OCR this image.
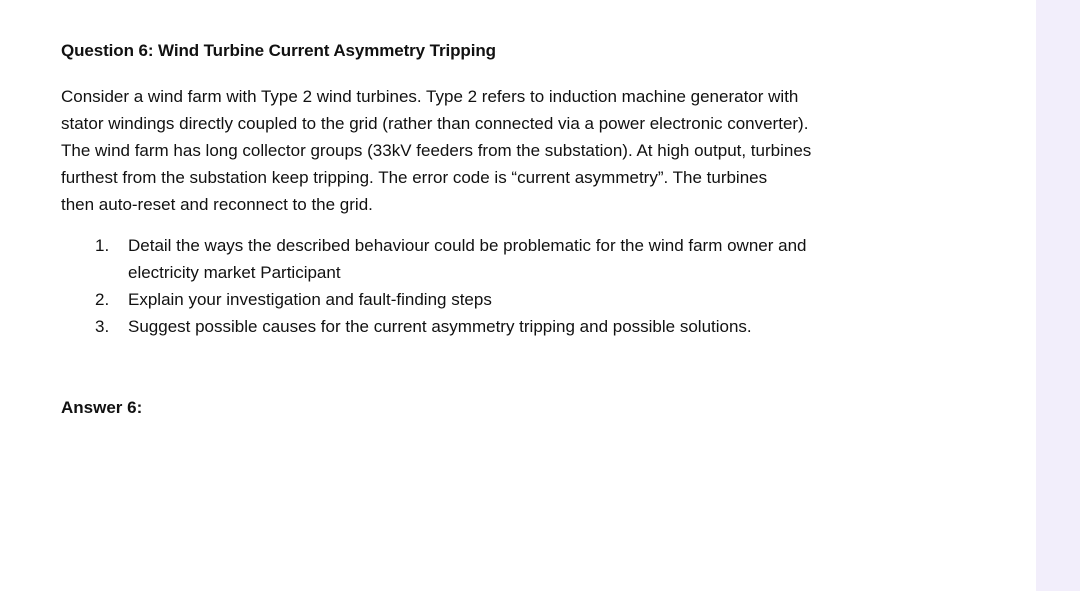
Question 6: Wind Turbine Current Asymmetry Tripping
Consider a wind farm with Type 2 wind turbines. Type 2 refers to induction machine generator with
stator windings directly coupled to the grid (rather than connected via a power electronic converter).
The wind farm has long collector groups (33kV feeders from the substation). At high output, turbines
furthest from the substation keep tripping. The error code is “current asymmetry”. The turbines
then auto-reset and reconnect to the grid.
1. Detail the ways the described behaviour could be problematic for the wind farm owner and
electricity market Participant
2. Explain your investigation and fault-finding steps
3. Suggest possible causes for the current asymmetry tripping and possible solutions.
Answer 6:
